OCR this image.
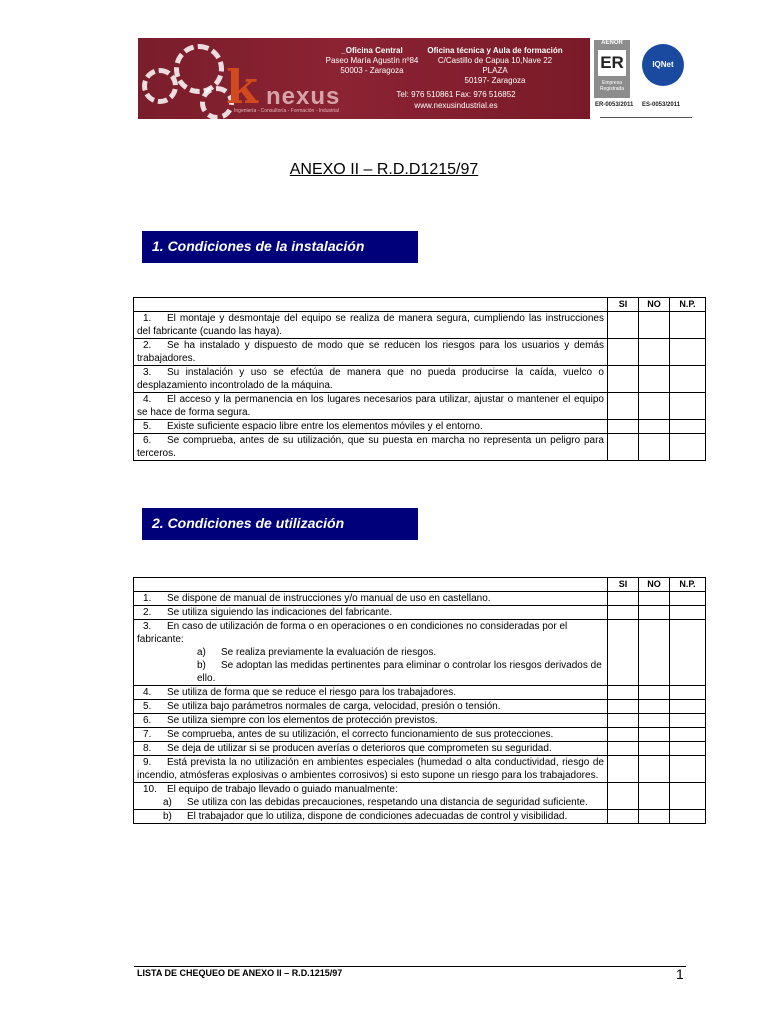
k nexus
Ingeniería - Consultoría - Formación - Industrial
_Oficina Central
Paseo María Agustín nº84
50003 - Zaragoza
Oficina técnica y Aula de formación
C/Castillo de Capua 10,Nave 22 PLAZA
50197- Zaragoza
Tel: 976 510861 Fax: 976 516852
www.nexusindustrial.es
AENOR
ER
Empresa Registrada
IQNet
ER-0053/2011 ES-0053/2011
ANEXO II – R.D.D1215/97
1. Condiciones de la instalación
	SI	NO	N.P.
1. El montaje y desmontaje del equipo se realiza de manera segura, cumpliendo las instrucciones del fabricante (cuando las haya).			
2. Se ha instalado y dispuesto de modo que se reducen los riesgos para los usuarios y demás trabajadores.			
3. Su instalación y uso se efectúa de manera que no pueda producirse la caída, vuelco o desplazamiento incontrolado de la máquina.			
4. El acceso y la permanencia en los lugares necesarios para utilizar, ajustar o mantener el equipo se hace de forma segura.			
5. Existe suficiente espacio libre entre los elementos móviles y el entorno.			
6. Se comprueba, antes de su utilización, que su puesta en marcha no representa un peligro para terceros.			
2. Condiciones de utilización
	SI	NO	N.P.
1. Se dispone de manual de instrucciones y/o manual de uso en castellano.			
2. Se utiliza siguiendo las indicaciones del fabricante.			

3. En caso de utilización de forma o en operaciones o en condiciones no consideradas por el fabricante:
a) Se realiza previamente la evaluación de riesgos.
b) Se adoptan las medidas pertinentes para eliminar o controlar los riesgos derivados de ello.			

4. Se utiliza de forma que se reduce el riesgo para los trabajadores.			
5. Se utiliza bajo parámetros normales de carga, velocidad, presión o tensión.			
6. Se utiliza siempre con los elementos de protección previstos.			
7. Se comprueba, antes de su utilización, el correcto funcionamiento de sus protecciones.			
8. Se deja de utilizar si se producen averías o deterioros que comprometen su seguridad.			
9. Está prevista la no utilización en ambientes especiales (humedad o alta conductividad, riesgo de incendio, atmósferas explosivas o ambientes corrosivos) si esto supone un riesgo para los trabajadores.			

10. El equipo de trabajo llevado o guiado manualmente:
a) Se utiliza con las debidas precauciones, respetando una distancia de seguridad suficiente.			

b) El trabajador que lo utiliza, dispone de condiciones adecuadas de control y visibilidad.			

LISTA DE CHEQUEO DE ANEXO II – R.D.1215/97	1
